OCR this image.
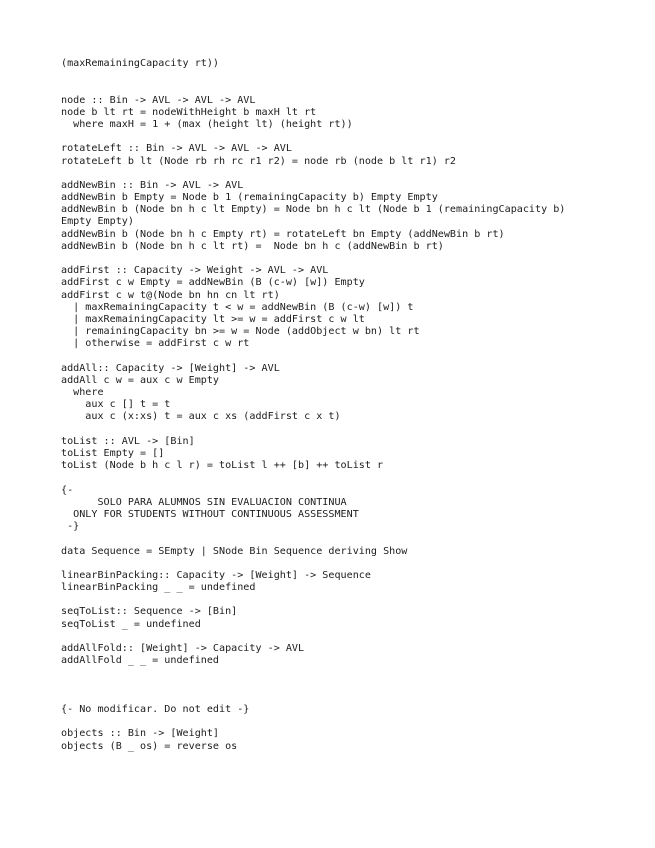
(maxRemainingCapacity rt))

node :: Bin -> AVL -> AVL -> AVL
node b lt rt = nodeWithHeight b maxH lt rt
where maxH = 1 + (max (height lt) (height rt))

rotateLeft :: Bin -> AVL -> AVL -> AVL
rotateLeft b lt (Node rb rh rc r1 r2) = node rb (node b lt r1) r2

addNewBin :: Bin -> AVL -> AVL
addNewBin b Empty = Node b 1 (remainingCapacity b) Empty Empty
addNewBin b (Node bn h c lt Empty) = Node bn h c lt (Node b 1 (remainingCapacity b)
Empty Empty)
addNewBin b (Node bn h c Empty rt) = rotateLeft bn Empty (addNewBin b rt)
addNewBin b (Node bn h c lt rt) =  Node bn h c (addNewBin b rt)

addFirst :: Capacity -> Weight -> AVL -> AVL
addFirst c w Empty = addNewBin (B (c-w) [w]) Empty
addFirst c w t@(Node bn hn cn lt rt)
| maxRemainingCapacity t < w = addNewBin (B (c-w) [w]) t
| maxRemainingCapacity lt >= w = addFirst c w lt
| remainingCapacity bn >= w = Node (addObject w bn) lt rt
| otherwise = addFirst c w rt

addAll:: Capacity -> [Weight] -> AVL
addAll c w = aux c w Empty
where
aux c [] t = t
aux c (x:xs) t = aux c xs (addFirst c x t)

toList :: AVL -> [Bin]
toList Empty = []
toList (Node b h c l r) = toList l ++ [b] ++ toList r

{-
SOLO PARA ALUMNOS SIN EVALUACION CONTINUA
ONLY FOR STUDENTS WITHOUT CONTINUOUS ASSESSMENT
-}

data Sequence = SEmpty | SNode Bin Sequence deriving Show

linearBinPacking:: Capacity -> [Weight] -> Sequence
linearBinPacking _ _ = undefined

seqToList:: Sequence -> [Bin]
seqToList _ = undefined

addAllFold:: [Weight] -> Capacity -> AVL
addAllFold _ _ = undefined

{- No modificar. Do not edit -}

objects :: Bin -> [Weight]
objects (B _ os) = reverse os
